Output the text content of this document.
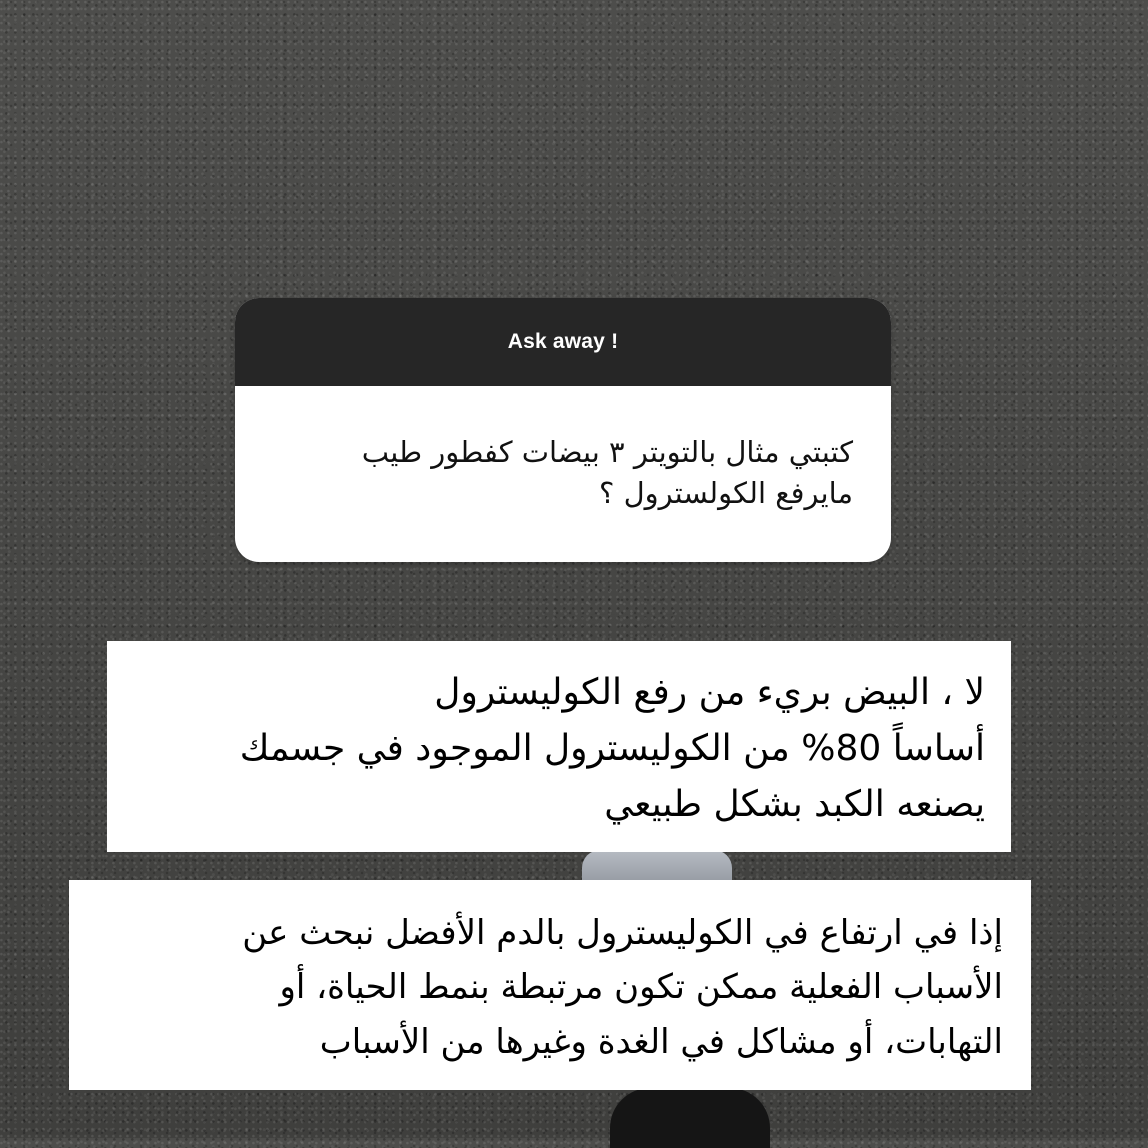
Ask away !
كتبتي مثال بالتويتر ٣ بيضات كفطور طيب
مايرفع الكولسترول ؟
لا ، البيض بريء من رفع الكوليسترول
أساساً 80% من الكوليسترول الموجود في جسمك
يصنعه الكبد بشكل طبيعي
إذا في ارتفاع في الكوليسترول بالدم الأفضل نبحث عن
الأسباب الفعلية ممكن تكون مرتبطة بنمط الحياة، أو
التهابات، أو مشاكل في الغدة وغيرها من الأسباب
